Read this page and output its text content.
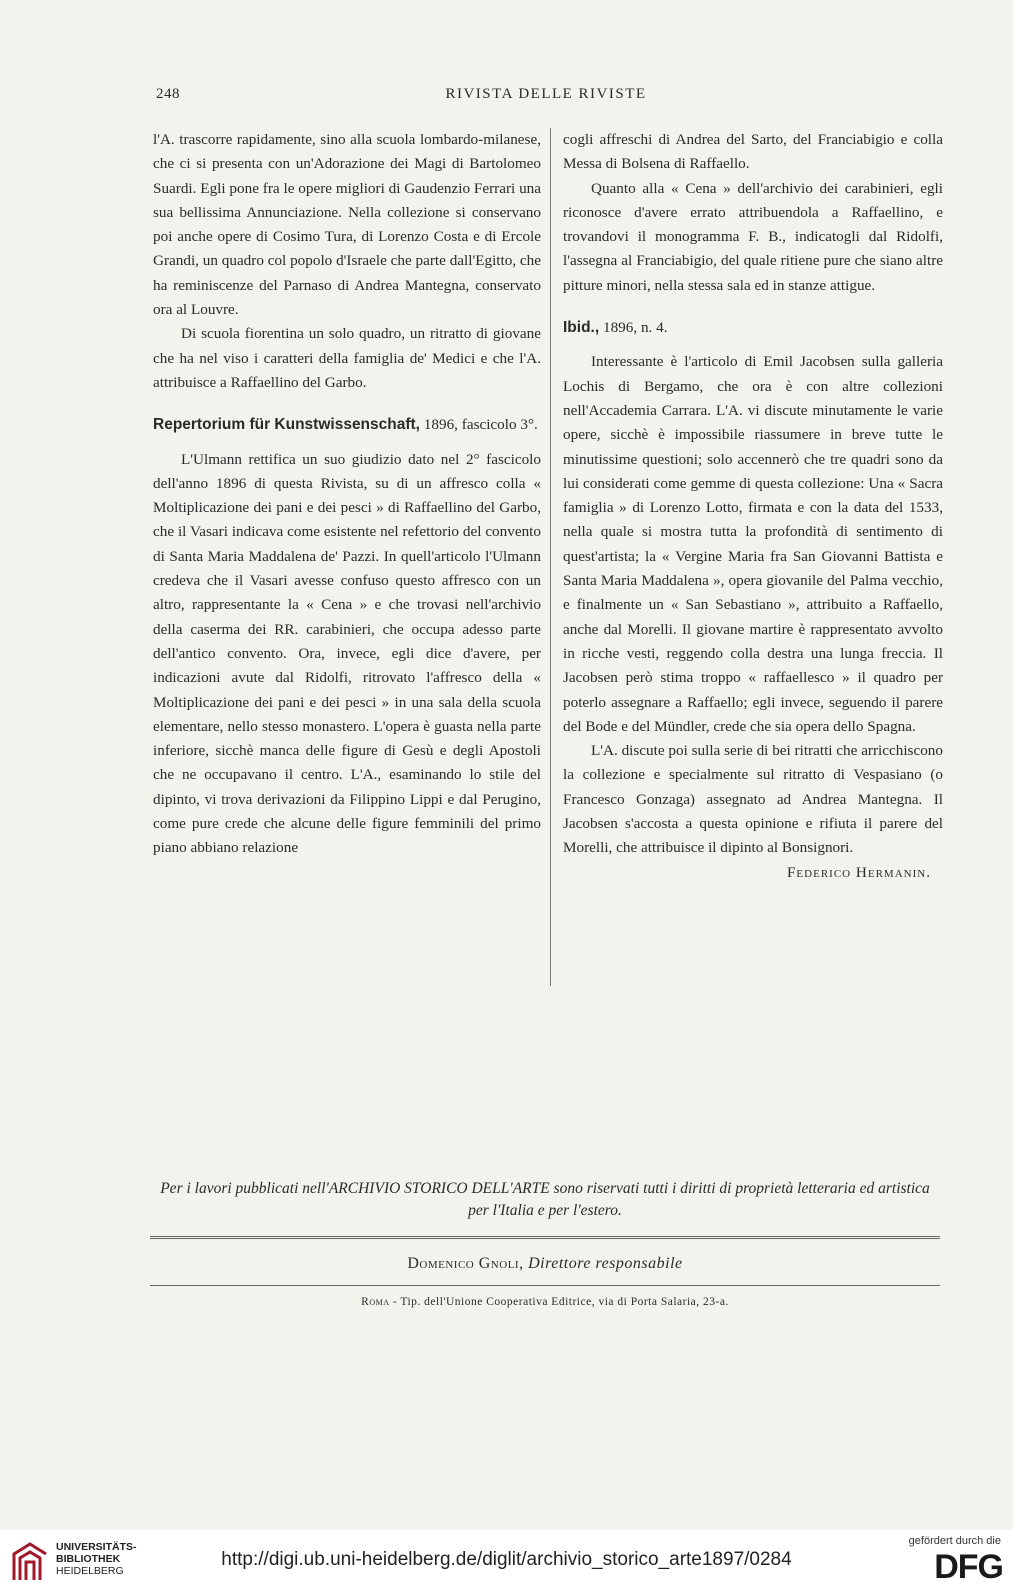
248	RIVISTA DELLE RIVISTE

l'A. trascorre rapidamente, sino alla scuola lombardo-milanese, che ci si presenta con un'Adorazione dei Magi di Bartolomeo Suardi. Egli pone fra le opere migliori di Gaudenzio Ferrari una sua bellissima Annunciazione. Nella collezione si conservano poi anche opere di Cosimo Tura, di Lorenzo Costa e di Ercole Grandi, un quadro col popolo d'Israele che parte dall'Egitto, che ha reminiscenze del Parnaso di Andrea Mantegna, conservato ora al Louvre.

Di scuola fiorentina un solo quadro, un ritratto di giovane che ha nel viso i caratteri della famiglia de' Medici e che l'A. attribuisce a Raffaellino del Garbo.

Repertorium für Kunstwissenschaft, 1896, fascicolo 3°.

L'Ulmann rettifica un suo giudizio dato nel 2° fascicolo dell'anno 1896 di questa Rivista, su di un affresco colla « Moltiplicazione dei pani e dei pesci » di Raffaellino del Garbo, che il Vasari indicava come esistente nel refettorio del convento di Santa Maria Maddalena de' Pazzi. In quell'articolo l'Ulmann credeva che il Vasari avesse confuso questo affresco con un altro, rappresentante la « Cena » e che trovasi nell'archivio della caserma dei RR. carabinieri, che occupa adesso parte dell'antico convento. Ora, invece, egli dice d'avere, per indicazioni avute dal Ridolfi, ritrovato l'affresco della « Moltiplicazione dei pani e dei pesci » in una sala della scuola elementare, nello stesso monastero. L'opera è guasta nella parte inferiore, sicchè manca delle figure di Gesù e degli Apostoli che ne occupavano il centro. L'A., esaminando lo stile del dipinto, vi trova derivazioni da Filippino Lippi e dal Perugino, come pure crede che alcune delle figure femminili del primo piano abbiano relazione

cogli affreschi di Andrea del Sarto, del Franciabigio e colla Messa di Bolsena di Raffaello.

Quanto alla « Cena » dell'archivio dei carabinieri, egli riconosce d'avere errato attribuendola a Raffaellino, e trovandovi il monogramma F. B., indicatogli dal Ridolfi, l'assegna al Franciabigio, del quale ritiene pure che siano altre pitture minori, nella stessa sala ed in stanze attigue.

Ibid., 1896, n. 4.

Interessante è l'articolo di Emil Jacobsen sulla galleria Lochis di Bergamo, che ora è con altre collezioni nell'Accademia Carrara. L'A. vi discute minutamente le varie opere, sicchè è impossibile riassumere in breve tutte le minutissime questioni; solo accennerò che tre quadri sono da lui considerati come gemme di questa collezione: Una « Sacra famiglia » di Lorenzo Lotto, firmata e con la data del 1533, nella quale si mostra tutta la profondità di sentimento di quest'artista; la « Vergine Maria fra San Giovanni Battista e Santa Maria Maddalena », opera giovanile del Palma vecchio, e finalmente un « San Sebastiano », attribuito a Raffaello, anche dal Morelli. Il giovane martire è rappresentato avvolto in ricche vesti, reggendo colla destra una lunga freccia. Il Jacobsen però stima troppo « raffaellesco » il quadro per poterlo assegnare a Raffaello; egli invece, seguendo il parere del Bode e del Mündler, crede che sia opera dello Spagna.

L'A. discute poi sulla serie di bei ritratti che arricchiscono la collezione e specialmente sul ritratto di Vespasiano (o Francesco Gonzaga) assegnato ad Andrea Mantegna. Il Jacobsen s'accosta a questa opinione e rifiuta il parere del Morelli, che attribuisce il dipinto al Bonsignori.

Federico Hermanin.

Per i lavori pubblicati nell'ARCHIVIO STORICO DELL'ARTE sono riservati tutti i diritti di proprietà letteraria ed artistica per l'Italia e per l'estero.
Domenico Gnoli, Direttore responsabile
Roma - Tip. dell'Unione Cooperativa Editrice, via di Porta Salaria, 23-a.
UNIVERSITÄTS-
BIBLIOTHEK
HEIDELBERG
http://digi.ub.uni-heidelberg.de/diglit/archivio_storico_arte1897/0284
gefördert durch die
DFG
